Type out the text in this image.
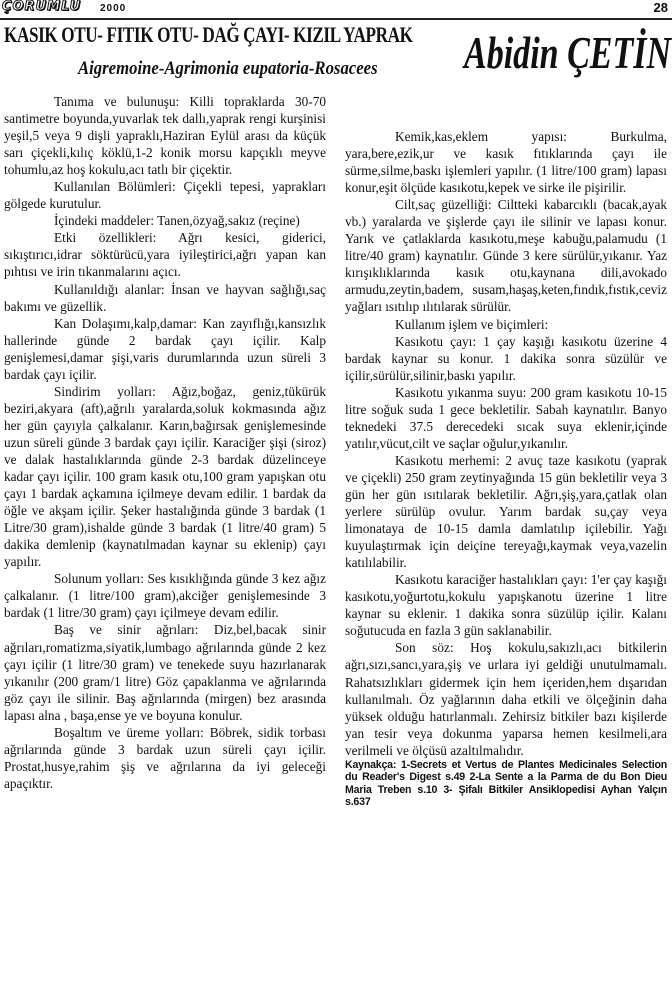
ÇORUMLU 2000	28
KASIK OTU- FITIK OTU- DAĞ ÇAYI- KIZIL YAPRAK
Aigremoine-Agrimonia eupatoria-Rosacees Abidin ÇETİN

Tanıma ve bulunuşu: Killi topraklarda 30-70 santimetre boyunda,yuvarlak tek dallı,yaprak rengi kurşinisi yeşil,5 veya 9 dişli yapraklı,Haziran Eylül arası da küçük sarı çiçekli,kılıç köklü,1-2 konik morsu kapçıklı meyve tohumlu,az hoş kokulu,acı tatlı bir çiçektir.

Kullanılan Bölümleri: Çiçekli tepesi, yaprakları gölgede kurutulur.

İçindeki maddeler: Tanen,özyağ,sakız (reçine)

Etki özellikleri: Ağrı kesici, giderici, sıkıştırıcı,idrar söktürücü,yara iyileştirici,ağrı yapan kan pıhtısı ve irin tıkanmalarını açıcı.

Kullanıldığı alanlar: İnsan ve hayvan sağlığı,saç bakımı ve güzellik.

Kan Dolaşımı,kalp,damar: Kan zayıflığı,kansızlık hallerinde günde 2 bardak çayı içilir. Kalp genişlemesi,damar şişi,varis durumlarında uzun süreli 3 bardak çayı içilir.

Sindirim yolları: Ağız,boğaz, geniz,tükürük beziri,akyara (aft),ağrılı yaralarda,soluk kokmasında ağız her gün çayıyla çalkalanır. Karın,bağırsak genişlemesinde uzun süreli günde 3 bardak çayı içilir. Karaciğer şişi (siroz) ve dalak hastalıklarında günde 2-3 bardak düzelinceye kadar çayı içilir. 100 gram kasık otu,100 gram yapışkan otu çayı 1 bardak açkamına içilmeye devam edilir. 1 bardak da öğle ve akşam içilir. Şeker hastalığında günde 3 bardak (1 Litre/30 gram),ishalde günde 3 bardak (1 litre/40 gram) 5 dakika demlenip (kaynatılmadan kaynar su eklenip) çayı yapılır.

Solunum yolları: Ses kısıklığında günde 3 kez ağız çalkalanır. (1 litre/100 gram),akciğer genişlemesinde 3 bardak (1 litre/30 gram) çayı içilmeye devam edilir.

Baş ve sinir ağrıları: Diz,bel,bacak sinir ağrıları,romatizma,siyatik,lumbago ağrılarında günde 2 kez çayı içilir (1 litre/30 gram) ve tenekede suyu hazırlanarak yıkanılır (200 gram/1 litre) Göz çapaklanma ve ağrılarında göz çayı ile silinir. Baş ağrılarında (mirgen) bez arasında lapası alna , başa,ense ye ve boyuna konulur.

Boşaltım ve üreme yolları: Böbrek, sidik torbası ağrılarında günde 3 bardak uzun süreli çayı içilir. Prostat,husye,rahim şiş ve ağrılarına da iyi geleceği apaçıktır.

Kemik,kas,eklem yapısı: Burkulma, yara,bere,ezik,ur ve kasık fıtıklarında çayı ile sürme,silme,baskı işlemleri yapılır. (1 litre/100 gram) lapası konur,eşit ölçüde kasıkotu,kepek ve sirke ile pişirilir.

Cilt,saç güzelliği: Ciltteki kabarcıklı (bacak,ayak vb.) yaralarda ve şişlerde çayı ile silinir ve lapası konur. Yarık ve çatlaklarda kasıkotu,meşe kabuğu,palamudu (1 litre/40 gram) kaynatılır. Günde 3 kere sürülür,yıkanır. Yaz kırışıklıklarında kasık otu,kaynana dili,avokado armudu,zeytin,badem, susam,haşaş,keten,fındık,fıstık,ceviz yağları ısıtılıp ılıtılarak sürülür.

Kullanım işlem ve biçimleri:

Kasıkotu çayı: 1 çay kaşığı kasıkotu üzerine 4 bardak kaynar su konur. 1 dakika sonra süzülür ve içilir,sürülür,silinir,baskı yapılır.

Kasıkotu yıkanma suyu: 200 gram kasıkotu 10-15 litre soğuk suda 1 gece bekletilir. Sabah kaynatılır. Banyo teknedeki 37.5 derecedeki sıcak suya eklenir,içinde yatılır,vücut,cilt ve saçlar oğulur,yıkanılır.

Kasıkotu merhemi: 2 avuç taze kasıkotu (yaprak ve çiçekli) 250 gram zeytinyağında 15 gün bekletilir veya 3 gün her gün ısıtılarak bekletilir. Ağrı,şiş,yara,çatlak olan yerlere sürülüp ovulur. Yarım bardak su,çay veya limonataya de 10-15 damla damlatılıp içilebilir. Yağı kuyulaştırmak için deiçine tereyağı,kaymak veya,vazelin katılılabilir.

Kasıkotu karaciğer hastalıkları çayı: 1'er çay kaşığı kasıkotu,yoğurtotu,kokulu yapışkanotu üzerine 1 litre kaynar su eklenir. 1 dakika sonra süzülüp içilir. Kalanı soğutucuda en fazla 3 gün saklanabilir.

Son söz: Hoş kokulu,sakızlı,acı bitkilerin ağrı,sızı,sancı,yara,şiş ve urlara iyi geldiği unutulmamalı. Rahatsızlıkları gidermek için hem içeriden,hem dışarıdan kullanılmalı. Öz yağlarının daha etkili ve ölçeğinin daha yüksek olduğu hatırlanmalı. Zehirsiz bitkiler bazı kişilerde yan tesir veya dokunma yaparsa hemen kesilmeli,ara verilmeli ve ölçüsü azaltılmalıdır.

Kaynakça: 1-Secrets et Vertus de Plantes Medicinales Selection du Reader's Digest s.49 2-La Sente a la Parma de du Bon Dieu Maria Treben s.10 3- Şifalı Bitkiler Ansiklopedisi Ayhan Yalçın s.637
